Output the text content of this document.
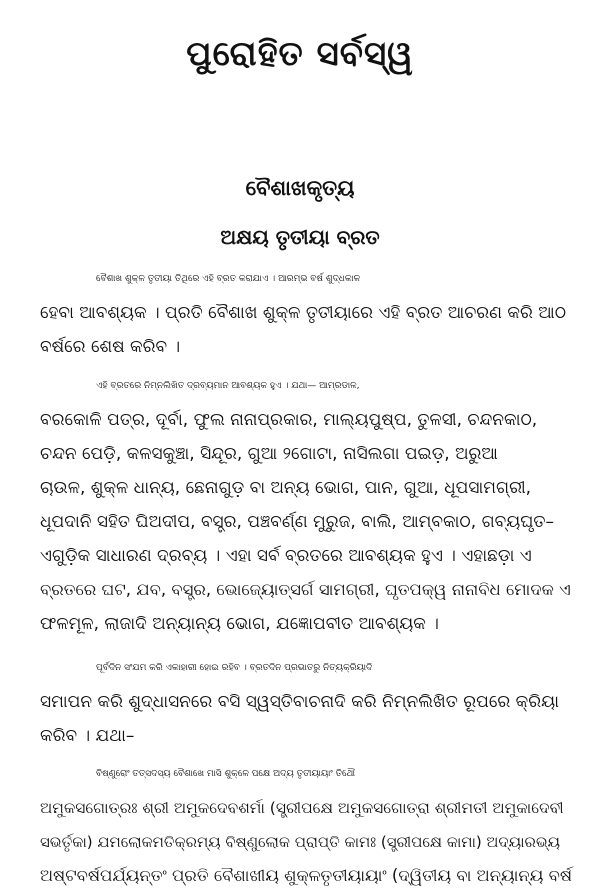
ପୁରୋହିତ ସର୍ବସ୍ୱ
ବୈଶାଖକୃତ୍ୟ
ଅକ୍ଷୟ ତୃତୀୟା ବ୍ରତ

ବୈଶାଖ ଶୁକ୍ଳ ତୃତୀୟା ତିଥିରେ ଏହି ବ୍ରତ କରାଯାଏ । ଆରମ୍ଭ ବର୍ଷ ଶୁଦ୍ଧକାଳ
ହେବା ଆବଶ୍ୟକ । ପ୍ରତି ବୈଶାଖ ଶୁକ୍ଳ ତୃତୀୟାରେ ଏହି ବ୍ରତ ଆଚରଣ କରି ଆଠ
ବର୍ଷରେ ଶେଷ କରିବ ।

ଏହି ବ୍ରତରେ ନିମ୍ନଲିଖିତ ଦ୍ରବ୍ୟମାନ ଆବଶ୍ୟକ ହୁଏ । ଯଥା— ଆମ୍ରଡାଳ,
ବରକୋଳି ପତ୍ର, ଦୂର୍ବା, ଫୁଲ ନାନାପ୍ରକାର, ମାଲ୍ୟପୁଷ୍ପ, ତୁଳସୀ, ଚନ୍ଦନକାଠ,
ଚନ୍ଦନ ପେଡ଼ି, କଳସକୁଞ୍ଚା, ସିନ୍ଦୂର, ଗୁଆ ୨ଗୋଟା, ନାସିଲଗା ପଇଡ଼, ଅରୁଆ
ଚାଉଳ, ଶୁକ୍ଳ ଧାନ୍ୟ, ଛେନାଗୁଡ଼ ବା ଅନ୍ୟ ଭୋଗ, ପାନ, ଗୁଆ, ଧୂପସାମଗ୍ରୀ,
ଧୂପଦାନି ସହିତ ଘିଅଦୀପ, ବସ୍ତ୍ର, ପଞ୍ଚବର୍ଣ୍ଣ ମୁରୁଜ, ବାଲି, ଆମ୍ବକାଠ, ଗବ୍ୟଘୃତ–
ଏଗୁଡ଼ିକ ସାଧାରଣ ଦ୍ରବ୍ୟ । ଏହା ସର୍ବ ବ୍ରତରେ ଆବଶ୍ୟକ ହୁଏ । ଏହାଛଡ଼ା ଏ
ବ୍ରତରେ ଘଟ, ଯବ, ବସ୍ତ୍ର, ଭୋଜ୍ୟୋତ୍ସର୍ଗ ସାମଗ୍ରୀ, ଘୃତପକ୍ୱ ନାନାବିଧ ମୋଦକ ଏ
ଫଳମୂଳ, ଲାଜାଦି ଅନ୍ୟାନ୍ୟ ଭୋଗ, ଯଜ୍ଞୋପବୀତ ଆବଶ୍ୟକ ।

ପୂର୍ବଦିନ ସଂଯମ କରି ଏକାହାରୀ ହୋଇ ରହିବ । ବ୍ରତଦିନ ପ୍ରଭାତରୁ ନିତ୍ୟକ୍ରିୟାଦି
ସମାପନ କରି ଶୁଦ୍ଧାସନରେ ବସି ସ୍ୱସ୍ତିବାଚନାଦି କରି ନିମ୍ନଲିଖିତ ରୂପରେ କ୍ରିୟା
କରିବ । ଯଥା–

ବିଷ୍ଣୁରୋଂ ତତ୍ସଦସ୍ୟ ବୈଶାଖେ ମାସି ଶୁକ୍ଳେ ପକ୍ଷେ ଅଦ୍ୟ ତୃତୀୟାୟାଂ ତିଥୌ
ଅମୁକସଗୋତ୍ରଃ ଶ୍ରୀ ଅମୁକଦେବଶର୍ମା (ସ୍ତ୍ରୀପକ୍ଷେ ଅମୁକସଗୋତ୍ରା ଶ୍ରୀମତୀ ଅମୁକାଦେବୀ
ସଭର୍ତୃକା) ଯମଲୋକମତିକ୍ରମ୍ୟ ବିଷ୍ଣୁଲୋକ ପ୍ରାପ୍ତି କାମଃ (ସ୍ତ୍ରୀପକ୍ଷେ କାମା) ଅଦ୍ୟାରଭ୍ୟ
ଅଷ୍ଟବର୍ଷପର୍ଯ୍ୟନ୍ତଂ ପ୍ରତି ବୈଶାଖୀୟ ଶୁକ୍ଳତୃତୀୟାୟାଂ (ଦ୍ୱିତୀୟ ବା ଅନ୍ୟାନ୍ୟ ବର୍ଷ
